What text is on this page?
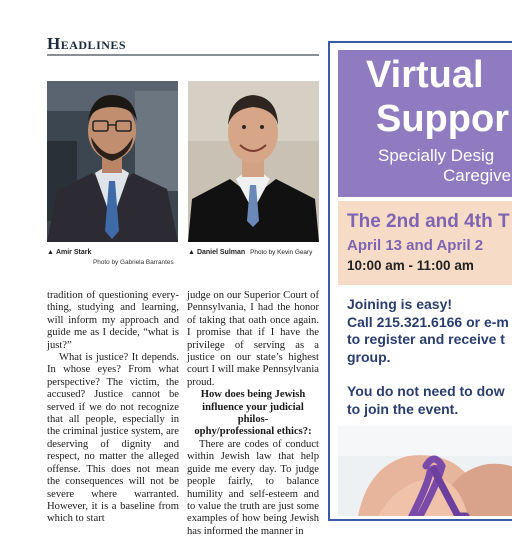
Headlines
▲ Amir Stark
Photo by Gabriela Barrantes
▲ Daniel Sulman Photo by Kevin Geary

tradition of questioning every- thing, studying and learning, will inform my approach and guide me as I decide, “what is just?”

What is justice? It depends. In whose eyes? From what perspective? The victim, the accused? Justice cannot be served if we do not recognize that all people, especially in the criminal justice system, are deserving of dignity and respect, no matter the alleged offense. This does not mean the consequences will not be severe where warranted. However, it is a baseline from which to start

judge on our Superior Court of Pennsylvania, I had the honor of taking that oath once again. I promise that if I have the privilege of serving as a justice on our state’s highest court I will make Pennsylvania proud.

How does being Jewish
influence your judicial philos-
ophy/professional ethics?:

There are codes of conduct within Jewish law that help guide me every day. To judge people fairly, to balance humility and self-esteem and to value the truth are just some examples of how being Jewish has informed the manner in

Virtual
Suppor
Specially Desig
Caregive
The 2nd and 4th T
April 13 and April 2
10:00 am - 11:00 am
Joining is easy!
Call 215.321.6166 or e-m
to register and receive t
group.
You do not need to dow
to join the event.
